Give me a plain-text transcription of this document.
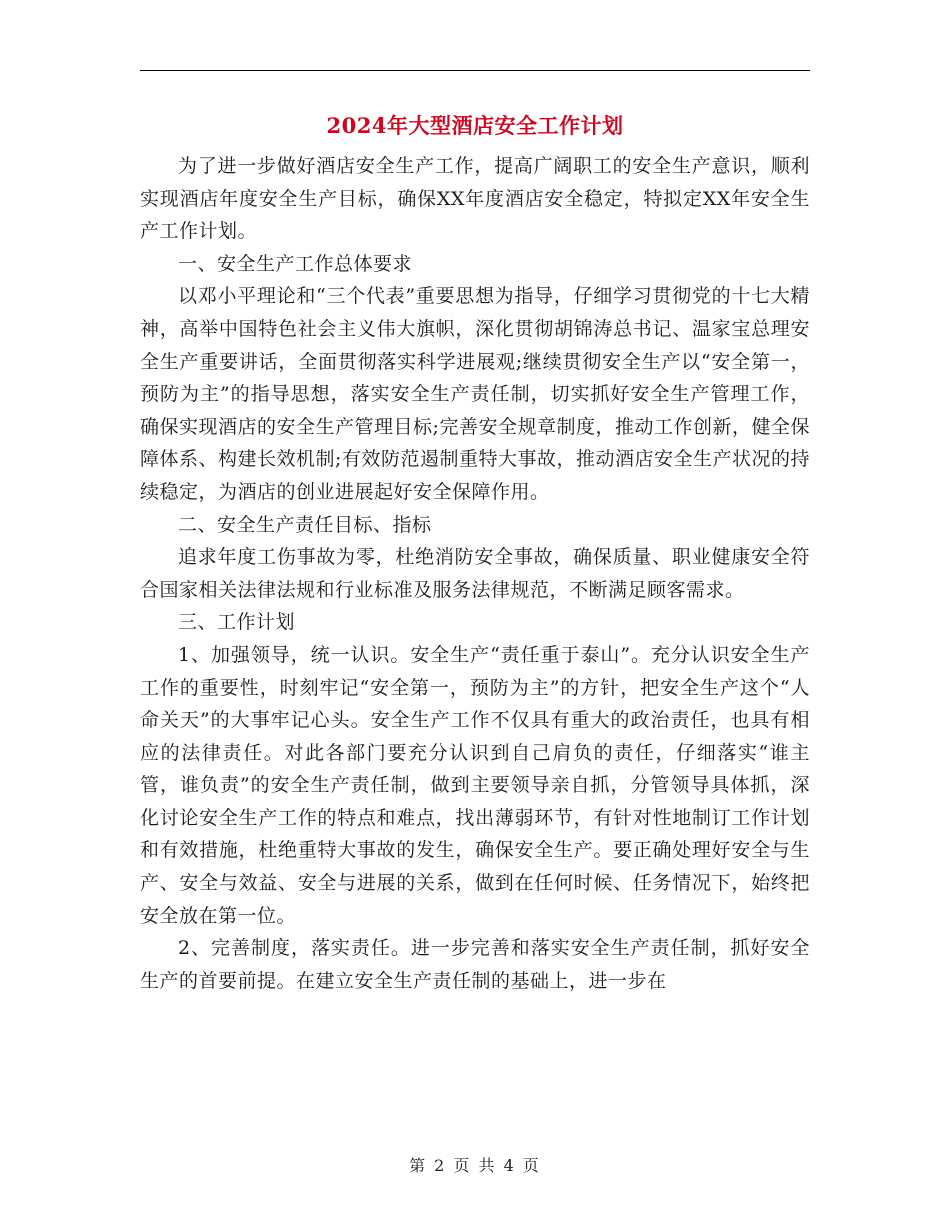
2024年大型酒店安全工作计划

为了进一步做好酒店安全生产工作，提高广阔职工的安全生产意识，顺利实现酒店年度安全生产目标，确保XX年度酒店安全稳定，特拟定XX年安全生产工作计划。

一、安全生产工作总体要求

以邓小平理论和“三个代表”重要思想为指导，仔细学习贯彻党的十七大精神，高举中国特色社会主义伟大旗帜，深化贯彻胡锦涛总书记、温家宝总理安全生产重要讲话，全面贯彻落实科学进展观;继续贯彻安全生产以“安全第一，预防为主”的指导思想，落实安全生产责任制，切实抓好安全生产管理工作，确保实现酒店的安全生产管理目标;完善安全规章制度，推动工作创新，健全保障体系、构建长效机制;有效防范遏制重特大事故，推动酒店安全生产状况的持续稳定，为酒店的创业进展起好安全保障作用。

二、安全生产责任目标、指标

追求年度工伤事故为零，杜绝消防安全事故，确保质量、职业健康安全符合国家相关法律法规和行业标准及服务法律规范，不断满足顾客需求。

三、工作计划

1、加强领导，统一认识。安全生产“责任重于泰山”。充分认识安全生产工作的重要性，时刻牢记“安全第一，预防为主”的方针，把安全生产这个“人命关天”的大事牢记心头。安全生产工作不仅具有重大的政治责任，也具有相应的法律责任。对此各部门要充分认识到自己肩负的责任，仔细落实“谁主管，谁负责”的安全生产责任制，做到主要领导亲自抓，分管领导具体抓，深化讨论安全生产工作的特点和难点，找出薄弱环节，有针对性地制订工作计划和有效措施，杜绝重特大事故的发生，确保安全生产。要正确处理好安全与生产、安全与效益、安全与进展的关系，做到在任何时候、任务情况下，始终把安全放在第一位。

2、完善制度，落实责任。进一步完善和落实安全生产责任制，抓好安全生产的首要前提。在建立安全生产责任制的基础上，进一步在

第 2 页 共 4 页
